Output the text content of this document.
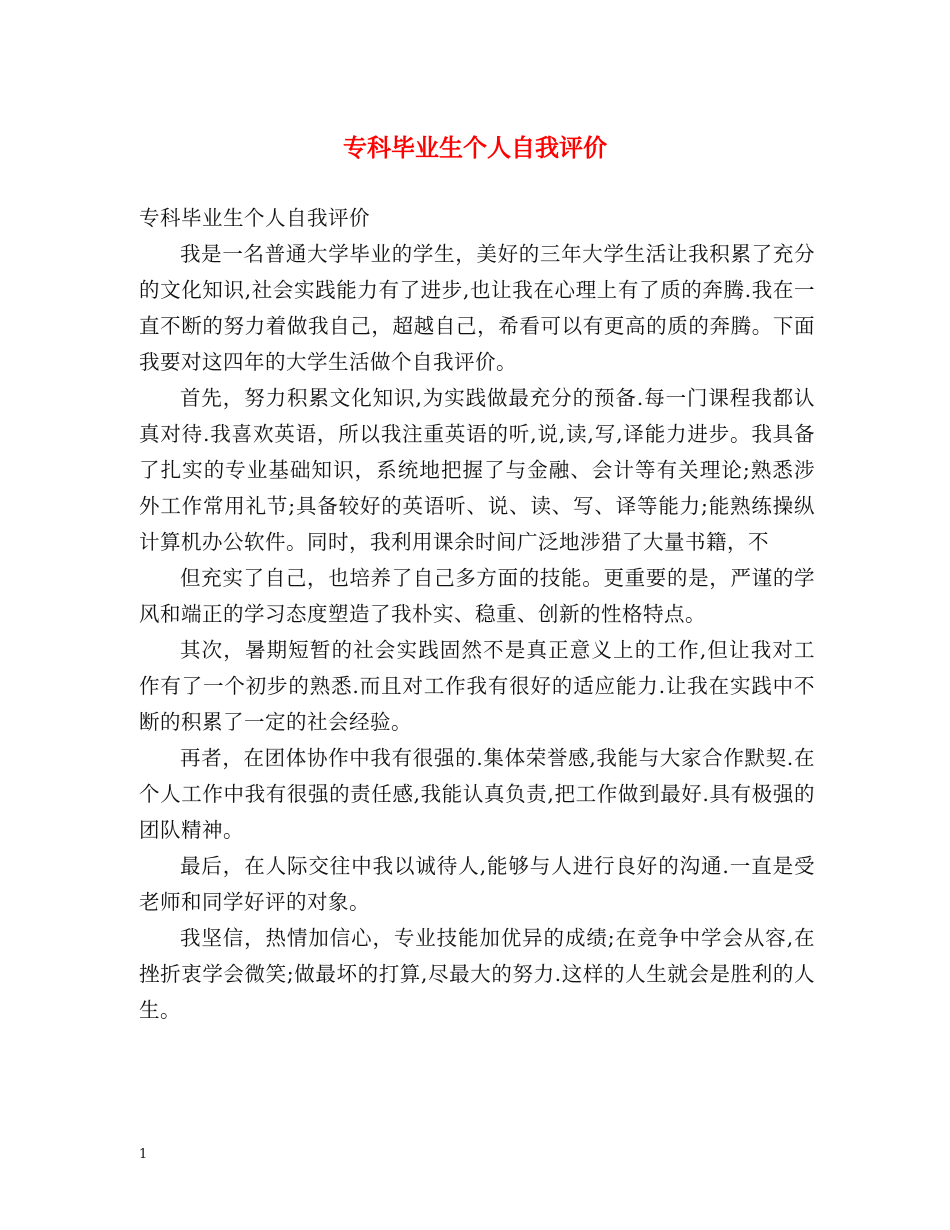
专科毕业生个人自我评价

专科毕业生个人自我评价

我是一名普通大学毕业的学生，美好的三年大学生活让我积累了充分的文化知识,社会实践能力有了进步,也让我在心理上有了质的奔腾.我在一直不断的努力着做我自己，超越自己，希看可以有更高的质的奔腾。下面我要对这四年的大学生活做个自我评价。

首先，努力积累文化知识,为实践做最充分的预备.每一门课程我都认真对待.我喜欢英语，所以我注重英语的听,说,读,写,译能力进步。我具备了扎实的专业基础知识，系统地把握了与金融、会计等有关理论;熟悉涉外工作常用礼节;具备较好的英语听、说、读、写、译等能力;能熟练操纵计算机办公软件。同时，我利用课余时间广泛地涉猎了大量书籍，不

但充实了自己，也培养了自己多方面的技能。更重要的是，严谨的学风和端正的学习态度塑造了我朴实、稳重、创新的性格特点。

其次，暑期短暂的社会实践固然不是真正意义上的工作,但让我对工作有了一个初步的熟悉.而且对工作我有很好的适应能力.让我在实践中不断的积累了一定的社会经验。

再者，在团体协作中我有很强的.集体荣誉感,我能与大家合作默契.在个人工作中我有很强的责任感,我能认真负责,把工作做到最好.具有极强的团队精神。

最后，在人际交往中我以诚待人,能够与人进行良好的沟通.一直是受老师和同学好评的对象。

我坚信，热情加信心，专业技能加优异的成绩;在竞争中学会从容,在挫折衷学会微笑;做最坏的打算,尽最大的努力.这样的人生就会是胜利的人生。

1
